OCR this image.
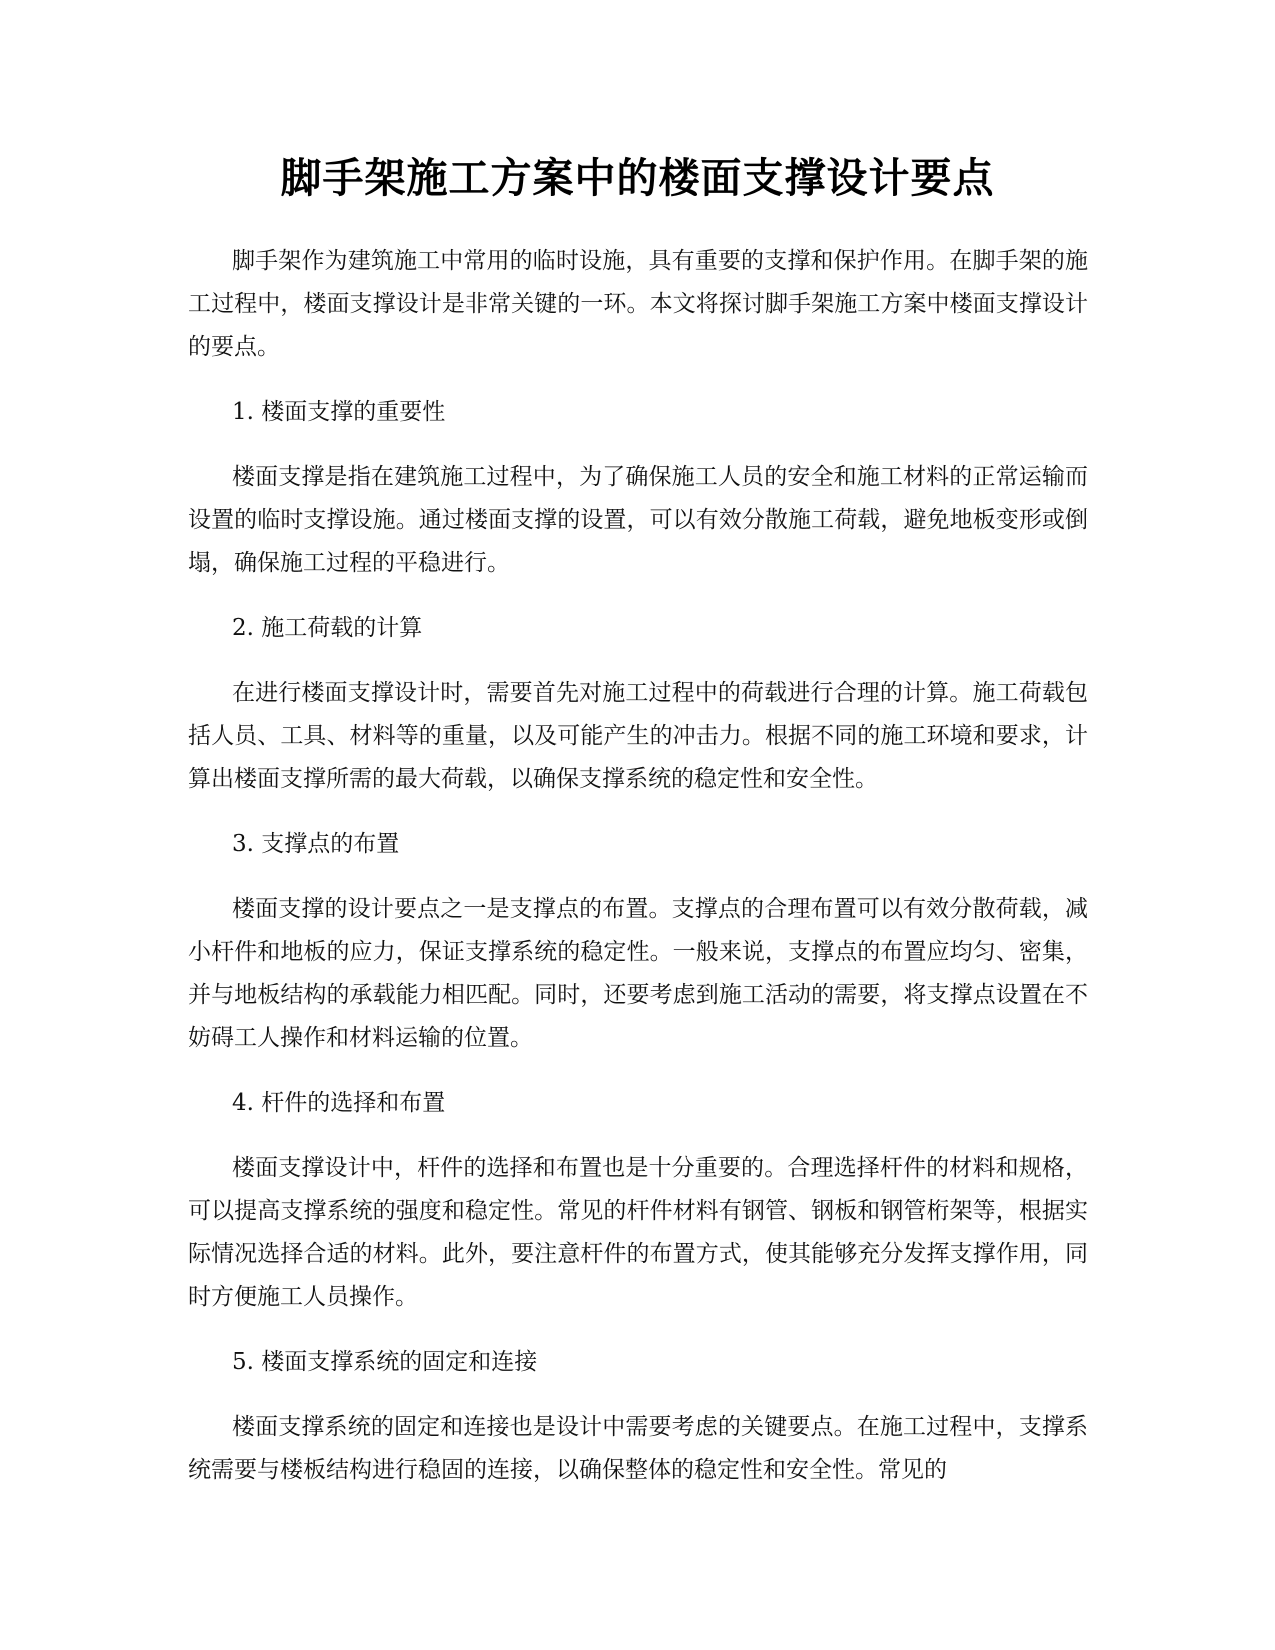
脚手架施工方案中的楼面支撑设计要点

脚手架作为建筑施工中常用的临时设施，具有重要的支撑和保护作用。在脚手架的施工过程中，楼面支撑设计是非常关键的一环。本文将探讨脚手架施工方案中楼面支撑设计的要点。

1. 楼面支撑的重要性

楼面支撑是指在建筑施工过程中，为了确保施工人员的安全和施工材料的正常运输而设置的临时支撑设施。通过楼面支撑的设置，可以有效分散施工荷载，避免地板变形或倒塌，确保施工过程的平稳进行。

2. 施工荷载的计算

在进行楼面支撑设计时，需要首先对施工过程中的荷载进行合理的计算。施工荷载包括人员、工具、材料等的重量，以及可能产生的冲击力。根据不同的施工环境和要求，计算出楼面支撑所需的最大荷载，以确保支撑系统的稳定性和安全性。

3. 支撑点的布置

楼面支撑的设计要点之一是支撑点的布置。支撑点的合理布置可以有效分散荷载，减小杆件和地板的应力，保证支撑系统的稳定性。一般来说，支撑点的布置应均匀、密集，并与地板结构的承载能力相匹配。同时，还要考虑到施工活动的需要，将支撑点设置在不妨碍工人操作和材料运输的位置。

4. 杆件的选择和布置

楼面支撑设计中，杆件的选择和布置也是十分重要的。合理选择杆件的材料和规格，可以提高支撑系统的强度和稳定性。常见的杆件材料有钢管、钢板和钢管桁架等，根据实际情况选择合适的材料。此外，要注意杆件的布置方式，使其能够充分发挥支撑作用，同时方便施工人员操作。

5. 楼面支撑系统的固定和连接

楼面支撑系统的固定和连接也是设计中需要考虑的关键要点。在施工过程中，支撑系统需要与楼板结构进行稳固的连接，以确保整体的稳定性和安全性。常见的
